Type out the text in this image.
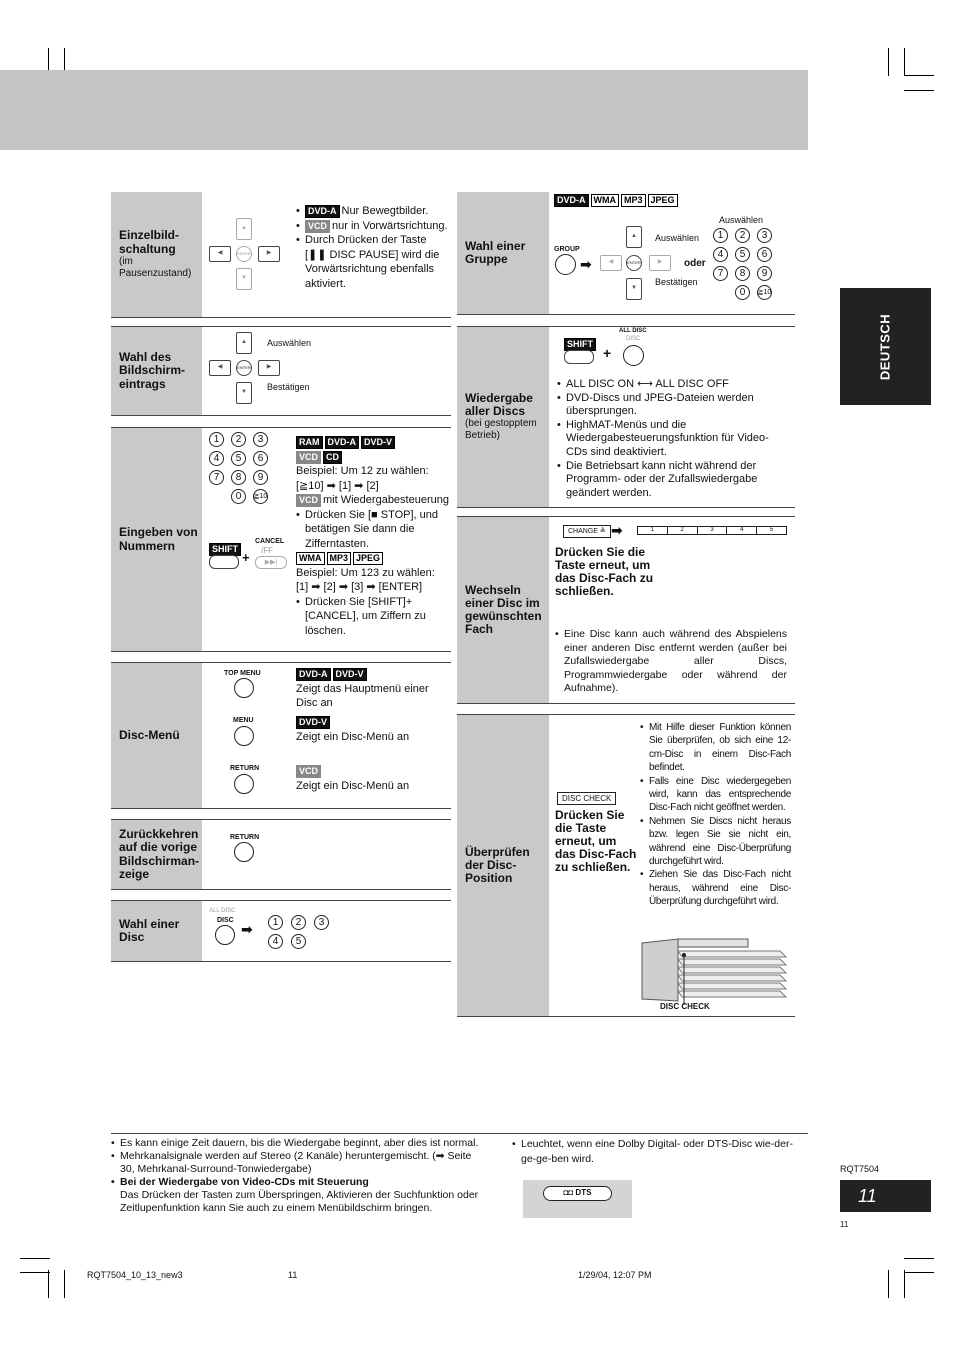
Einzelbild-schaltung
(im Pausenzustand)
▲
◀
ENTER
▶
▼
• DVD-A Nur Bewegtbilder.
• VCD nur in Vorwärtsrichtung.
• Durch Drücken der Taste [❚❚ DISC PAUSE] wird die Vorwärtsrichtung ebenfalls aktiviert.
Wahl des Bildschirm-eintrags
▲
◀
ENTER
▶
▼
Auswählen
Bestätigen
Eingeben von Nummern
1	2	3
4	5	6
7	8	9
0	≧10
SHIFT
+
CANCEL
/FF
▶▶|
RAM DVD-A DVD-V
VCD CD
Beispiel: Um 12 zu wählen:
[≧10] ➡ [1] ➡ [2]
VCD mit Wiedergabesteuerung
• Drücken Sie [■ STOP], und betätigen Sie dann die Zifferntasten.
WMA MP3 JPEG
Beispiel: Um 123 zu wählen:
[1] ➡ [2] ➡ [3] ➡ [ENTER]
• Drücken Sie [SHIFT]+[CANCEL], um Ziffern zu löschen.
Disc-Menü
TOP MENU
MENU
RETURN
DVD-A DVD-V
Zeigt das Hauptmenü einer Disc an
DVD-V
Zeigt ein Disc-Menü an
VCD
Zeigt ein Disc-Menü an
Zurückkehren auf die vorige Bildschirman-zeige
RETURN
Wahl einer Disc
ALL DISC
DISC
➡	1	2	3
4	5
Wahl einer Gruppe
DVD-A WMA MP3 JPEG
GROUP
➡
▲
◀	ENTER
▶
▼
Auswählen
Bestätigen
oder
Auswählen
1	2	3
4	5	6
7	8	9
0	≧10
Wiedergabe aller Discs
(bei gestopptem Betrieb)
SHIFT
+
ALL DISC
DISC
• ALL DISC ON ⟷ ALL DISC OFF
• DVD-Discs und JPEG-Dateien werden übersprungen.
• HighMAT-Menüs und die Wiedergabesteuerungsfunktion für Video-CDs sind deaktiviert.
• Die Betriebsart kann nicht während der Programm- oder der Zufallswiedergabe geändert werden.
Wechseln einer Disc im gewünschten Fach
CHANGE ≜ ➡	1	2	3	4	5
Drücken Sie die Taste erneut, um das Disc-Fach zu schließen.
• Eine Disc kann auch während des Abspielens einer anderen Disc entfernt werden (außer bei Zufallswiedergabe aller Discs, Programmwiedergabe oder während der Aufnahme).
Überprüfen der Disc-Position
DISC CHECK
Drücken Sie die Taste erneut, um das Disc-Fach zu schließen.
• Mit Hilfe dieser Funktion können Sie überprüfen, ob sich eine 12-cm-Disc in einem Disc-Fach befindet.
• Falls eine Disc wiedergegeben wird, kann das entsprechende Disc-Fach nicht geöffnet werden.
• Nehmen Sie Discs nicht heraus bzw. legen Sie sie nicht ein, während eine Disc-Überprüfung durchgeführt wird.
• Ziehen Sie das Disc-Fach nicht heraus, während eine Disc-Überprüfung durchgeführt wird.
DISC CHECK
DEUTSCH
• Es kann einige Zeit dauern, bis die Wiedergabe beginnt, aber dies ist normal.
• Mehrkanalsignale werden auf Stereo (2 Kanäle) heruntergemischt. (➡ Seite 30, Mehrkanal-Surround-Tonwiedergabe)
• Bei der Wiedergabe von Video-CDs mit Steuerung
Das Drücken der Tasten zum Überspringen, Aktivieren der Suchfunktion oder Zeitlupenfunktion kann Sie auch zu einem Menübildschirm bringen.
• Leuchtet, wenn eine Dolby Digital- oder DTS-Disc wie-der-ge-ge-ben wird.
◘◘ DTS
RQT7504
11
11
RQT7504_10_13_new3	11	1/29/04, 12:07 PM
